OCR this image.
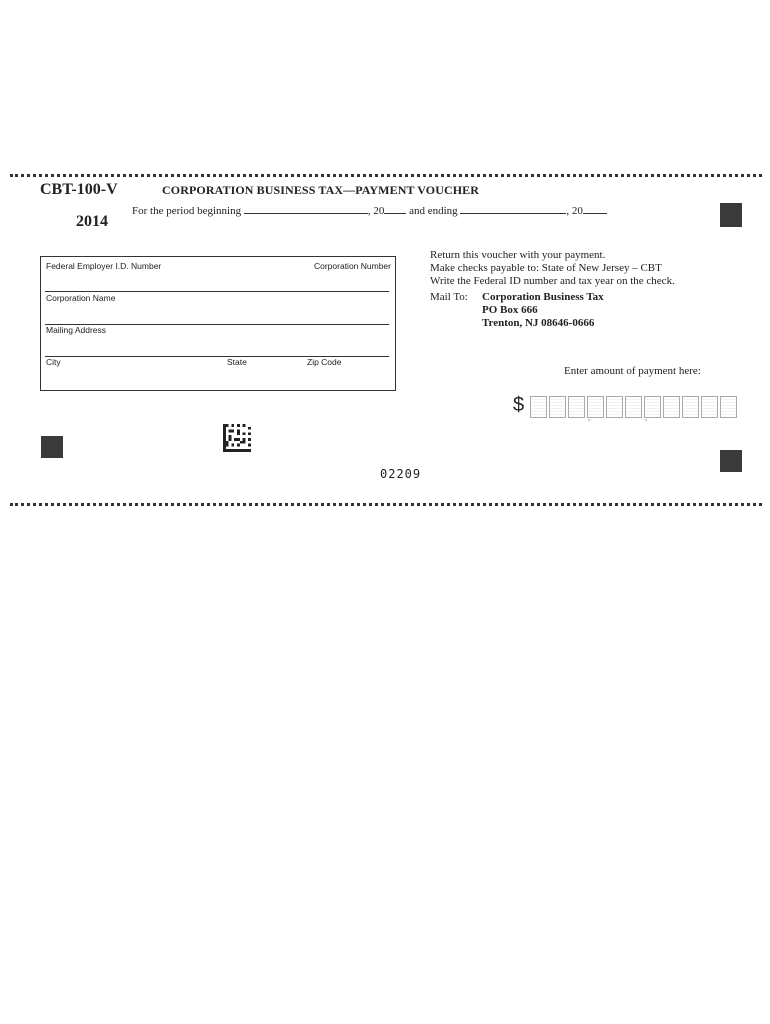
CBT-100-V
2014
CORPORATION BUSINESS TAX—PAYMENT VOUCHER
For the period beginning	, 20 and ending	, 20
Federal Employer I.D. Number	Corporation Number
Corporation Name
Mailing Address
City	State	Zip Code
Return this voucher with your payment.
Make checks payable to: State of New Jersey – CBT
Write the Federal ID number and tax year on the check.
Mail To: Corporation Business Tax
PO Box 666
Trenton, NJ 08646-0666
Enter amount of payment here:
$
,	,
02209
